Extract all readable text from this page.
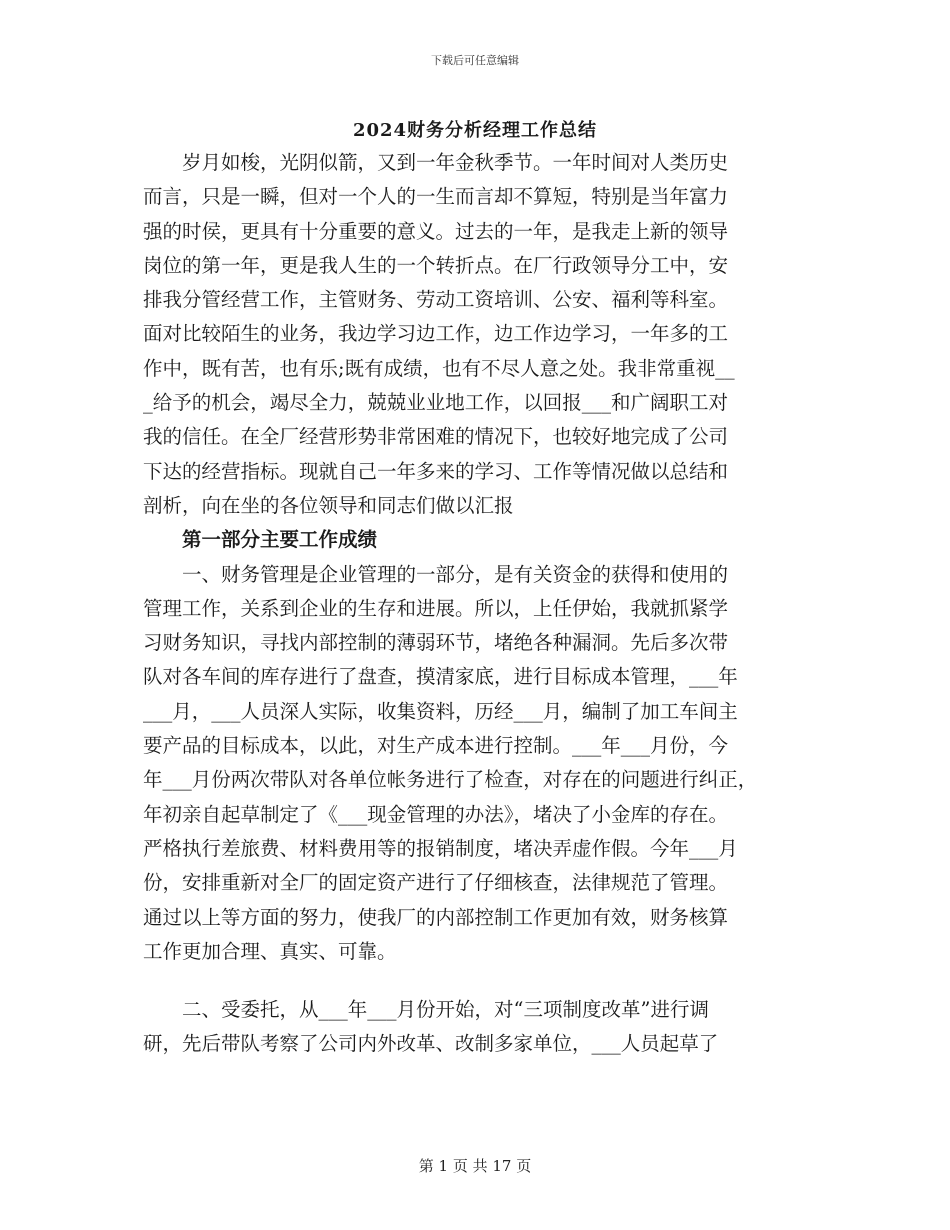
下载后可任意编辑
2024财务分析经理工作总结
　　岁月如梭，光阴似箭，又到一年金秋季节。一年时间对人类历史
而言，只是一瞬，但对一个人的一生而言却不算短，特别是当年富力
强的时侯，更具有十分重要的意义。过去的一年，是我走上新的领导
岗位的第一年，更是我人生的一个转折点。在厂行政领导分工中，安
排我分管经营工作，主管财务、劳动工资培训、公安、福利等科室。
面对比较陌生的业务，我边学习边工作，边工作边学习，一年多的工
作中，既有苦，也有乐;既有成绩，也有不尽人意之处。我非常重视__
_给予的机会，竭尽全力，兢兢业业地工作，以回报___和广阔职工对
我的信任。在全厂经营形势非常困难的情况下，也较好地完成了公司
下达的经营指标。现就自己一年多来的学习、工作等情况做以总结和
剖析，向在坐的各位领导和同志们做以汇报
　　第一部分主要工作成绩
　　一、财务管理是企业管理的一部分，是有关资金的获得和使用的
管理工作，关系到企业的生存和进展。所以，上任伊始，我就抓紧学
习财务知识，寻找内部控制的薄弱环节，堵绝各种漏洞。先后多次带
队对各车间的库存进行了盘查，摸清家底，进行目标成本管理，___年
___月，___人员深人实际，收集资料，历经___月，编制了加工车间主
要产品的目标成本，以此，对生产成本进行控制。___年___月份，今
年___月份两次带队对各单位帐务进行了检查，对存在的问题进行纠正，
年初亲自起草制定了《___现金管理的办法》，堵决了小金库的存在。
严格执行差旅费、材料费用等的报销制度，堵决弄虚作假。今年___月
份，安排重新对全厂的固定资产进行了仔细核查，法律规范了管理。
通过以上等方面的努力，使我厂的内部控制工作更加有效，财务核算
工作更加合理、真实、可靠。
　　二、受委托，从___年___月份开始，对“三项制度改革”进行调
研，先后带队考察了公司内外改革、改制多家单位，___人员起草了
第 1 页 共 17 页
